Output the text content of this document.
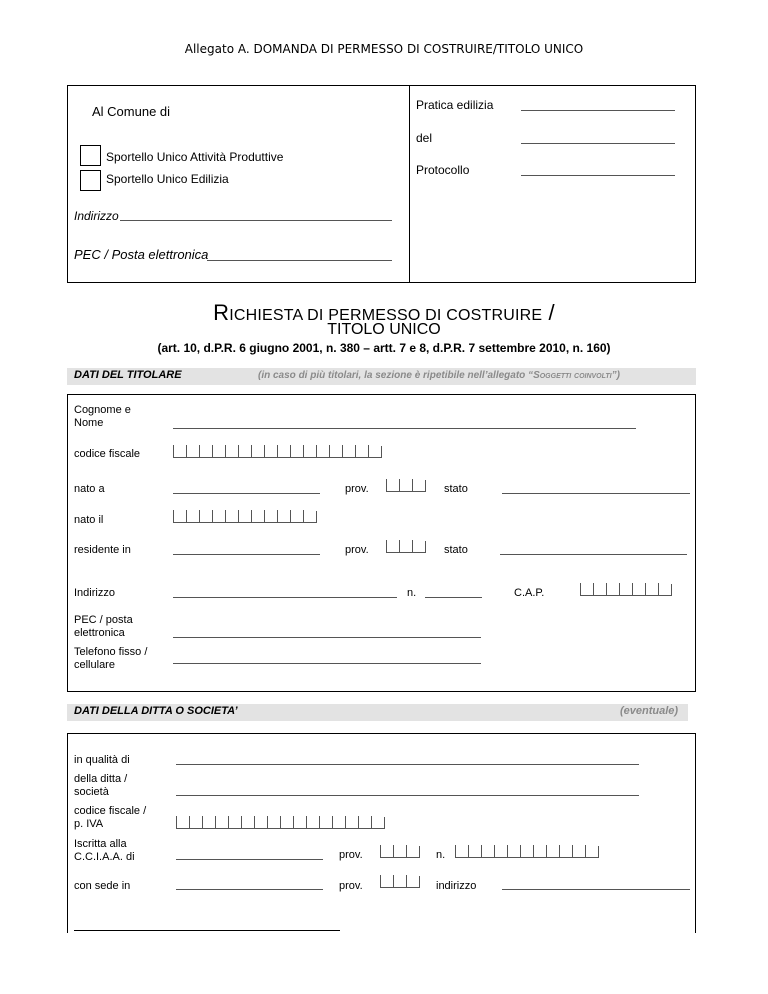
Allegato A. DOMANDA DI PERMESSO DI COSTRUIRE/TITOLO UNICO
Al Comune di
Sportello Unico Attività Produttive
Sportello Unico Edilizia
Indirizzo
PEC / Posta elettronica
Pratica edilizia
del
Protocollo
RICHIESTA DI PERMESSO DI COSTRUIRE /
TITOLO UNICO
(art. 10, d.P.R. 6 giugno 2001, n. 380 – artt. 7 e 8, d.P.R. 7 settembre 2010, n. 160)
DATI DEL TITOLARE	(in caso di più titolari, la sezione è ripetibile nell’allegato “Soggetti coinvolti”)
Cognome e Nome
codice fiscale
nato a	prov.	stato
nato il
residente in	prov.	stato
Indirizzo	n.	C.A.P.
PEC / posta elettronica
Telefono fisso / cellulare
DATI DELLA DITTA O SOCIETA’	(eventuale)
in qualità di
della ditta / società
codice fiscale / p. IVA
Iscritta alla C.C.I.A.A. di	prov.	n.
con sede in	prov.	indirizzo
